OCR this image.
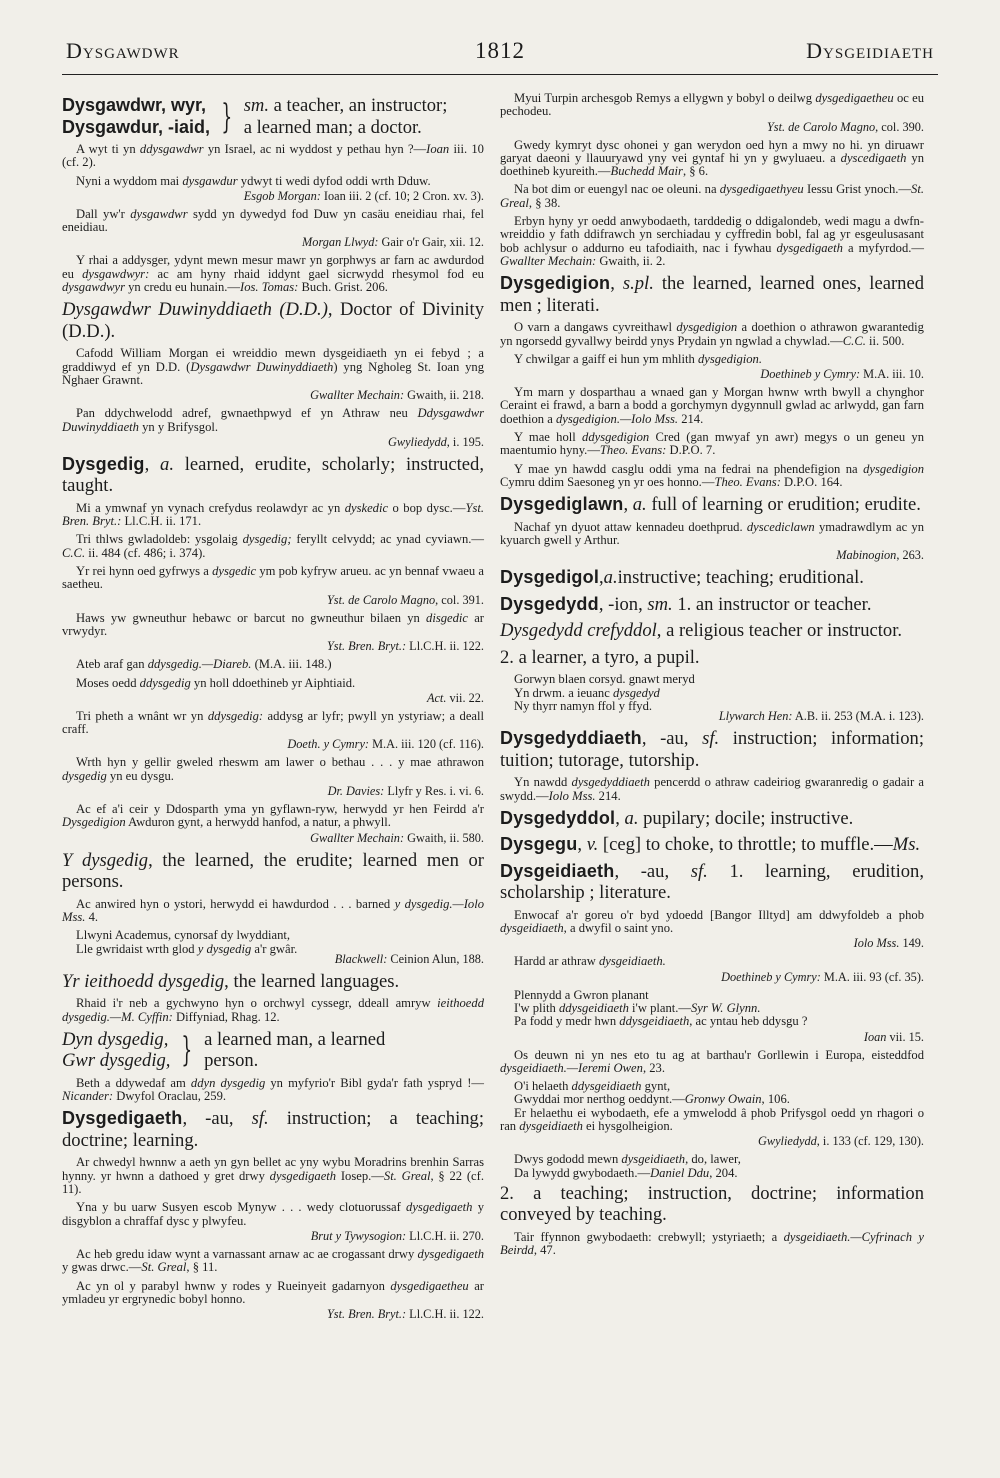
Dysgawdwr	1812	Dysgeidiaeth
Dysgawdwr, wyr,
Dysgawdur, -iaid, } sm. a teacher, an instructor;
a learned man; a doctor.

A wyt ti yn ddysgawdwr yn Israel, ac ni wyddost y pethau hyn ?—Ioan iii. 10 (cf. 2).

Nyni a wyddom mai dysgawdur ydwyt ti wedi dyfod oddi wrth Dduw.

Esgob Morgan: Ioan iii. 2 (cf. 10; 2 Cron. xv. 3).

Dall yw'r dysgawdwr sydd yn dywedyd fod Duw yn casäu eneidiau rhai, fel eneidiau.

Morgan Llwyd: Gair o'r Gair, xii. 12.

Y rhai a addysger, ydynt mewn mesur mawr yn gorphwys ar farn ac awdurdod eu dysgawdwyr: ac am hyny rhaid iddynt gael sicrwydd rhesymol fod eu dysgawdwyr yn credu eu hunain.—Ios. Tomas: Buch. Grist. 206.

Dysgawdwr Duwinyddiaeth (D.D.), Doctor of Divinity (D.D.).

Cafodd William Morgan ei wreiddio mewn dysgeidiaeth yn ei febyd ; a graddiwyd ef yn D.D. (Dysgawdwr Duwinyddiaeth) yng Ngholeg St. Ioan yng Nghaer Grawnt.

Gwallter Mechain: Gwaith, ii. 218.

Pan ddychwelodd adref, gwnaethpwyd ef yn Athraw neu Ddysgawdwr Duwinyddiaeth yn y Brifysgol.

Gwyliedydd, i. 195.
Dysgedig, a. learned, erudite, scholarly; instructed, taught.

Mi a ymwnaf yn vynach crefydus reolawdyr ac yn dyskedic o bop dysc.—Yst. Bren. Bryt.: Ll.C.H. ii. 171.

Tri thlws gwladoldeb: ysgolaig dysgedig; feryllt celvydd; ac ynad cyviawn.—C.C. ii. 484 (cf. 486; i. 374).

Yr rei hynn oed gyfrwys a dysgedic ym pob kyfryw arueu. ac yn bennaf vwaeu a saetheu.

Yst. de Carolo Magno, col. 391.

Haws yw gwneuthur hebawc or barcut no gwneuthur bilaen yn disgedic ar vrwydyr.

Yst. Bren. Bryt.: Ll.C.H. ii. 122.

Ateb araf gan ddysgedig.—Diareb. (M.A. iii. 148.)

Moses oedd ddysgedig yn holl ddoethineb yr Aiphtiaid.

Act. vii. 22.

Tri pheth a wnânt wr yn ddysgedig: addysg ar lyfr; pwyll yn ystyriaw; a deall craff.

Doeth. y Cymry: M.A. iii. 120 (cf. 116).

Wrth hyn y gellir gweled rheswm am lawer o bethau . . . y mae athrawon dysgedig yn eu dysgu.

Dr. Davies: Llyfr y Res. i. vi. 6.

Ac ef a'i ceir y Ddosparth yma yn gyflawn-ryw, herwydd yr hen Feirdd a'r Dysgedigion Awduron gynt, a herwydd hanfod, a natur, a phwyll.

Gwallter Mechain: Gwaith, ii. 580.
Y dysgedig, the learned, the erudite; learned men or persons.

Ac anwired hyn o ystori, herwydd ei hawdurdod . . . barned y dysgedig.—Iolo Mss. 4.

Llwyni Academus, cynorsaf dy lwyddiant,
Lle gwridaist wrth glod y dysgedig a'r gwâr.
Blackwell: Ceinion Alun, 188.
Yr ieithoedd dysgedig, the learned languages.

Rhaid i'r neb a gychwyno hyn o orchwyl cyssegr, ddeall amryw ieithoedd dysgedig.—M. Cyffin: Diffyniad, Rhag. 12.

Dyn dysgedig,
Gwr dysgedig, } a learned man, a learned
person.

Beth a ddywedaf am ddyn dysgedig yn myfyrio'r Bibl gyda'r fath yspryd !—Nicander: Dwyfol Oraclau, 259.

Dysgedigaeth, -au, sf. instruction; a teaching; doctrine; learning.

Ar chwedyl hwnnw a aeth yn gyn bellet ac yny wybu Moradrins brenhin Sarras hynny. yr hwnn a dathoed y gret drwy dysgedigaeth Iosep.—St. Greal, § 22 (cf. 11).

Yna y bu uarw Susyen escob Mynyw . . . wedy clotuorussaf dysgedigaeth y disgyblon a chraffaf dysc y plwyfeu.

Brut y Tywysogion: Ll.C.H. ii. 270.

Ac heb gredu idaw wynt a varnassant arnaw ac ae crogassant drwy dysgedigaeth y gwas drwc.—St. Greal, § 11.

Ac yn ol y parabyl hwnw y rodes y Rueinyeit gadarnyon dysgedigaetheu ar ymladeu yr ergrynedic bobyl honno.

Yst. Bren. Bryt.: Ll.C.H. ii. 122.

Myui Turpin archesgob Remys a ellygwn y bobyl o deilwg dysgedigaetheu oc eu pechodeu.

Yst. de Carolo Magno, col. 390.

Gwedy kymryt dysc ohonei y gan werydon oed hyn a mwy no hi. yn diruawr garyat daeoni y llauuryawd yny vei gyntaf hi yn y gwyluaeu. a dyscedigaeth yn doethineb kyureith.—Buchedd Mair, § 6.

Na bot dim or euengyl nac oe oleuni. na dysgedigaethyeu Iessu Grist ynoch.—St. Greal, § 38.

Erbyn hyny yr oedd anwybodaeth, tarddedig o ddigalondeb, wedi magu a dwfn-wreiddio y fath ddifrawch yn serchiadau y cyffredin bobl, fal ag yr esgeulusasant bob achlysur o addurno eu tafodiaith, nac i fywhau dysgedigaeth a myfyrdod.—Gwallter Mechain: Gwaith, ii. 2.

Dysgedigion, s.pl. the learned, learned ones, learned men ; literati.

O varn a dangaws cyvreithawl dysgedigion a doethion o athrawon gwarantedig yn ngorsedd gyvallwy beirdd ynys Prydain yn ngwlad a chywlad.—C.C. ii. 500.

Y chwilgar a gaiff ei hun ym mhlith dysgedigion.

Doethineb y Cymry: M.A. iii. 10.

Ym marn y dosparthau a wnaed gan y Morgan hwnw wrth bwyll a chynghor Ceraint ei frawd, a barn a bodd a gorchymyn dygynnull gwlad ac arlwydd, gan farn doethion a dysgedigion.—Iolo Mss. 214.

Y mae holl ddysgedigion Cred (gan mwyaf yn awr) megys o un geneu yn maentumio hyny.—Theo. Evans: D.P.O. 7.

Y mae yn hawdd casglu oddi yma na fedrai na phendefigion na dysgedigion Cymru ddim Saesoneg yn yr oes honno.—Theo. Evans: D.P.O. 164.

Dysgediglawn, a. full of learning or erudition; erudite.

Nachaf yn dyuot attaw kennadeu doethprud. dyscediclawn ymadrawdlym ac yn kyuarch gwell y Arthur.

Mabinogion, 263.
Dysgedigol,a.instructive; teaching; eruditional.
Dysgedydd, -ion, sm. 1. an instructor or teacher.
Dysgedydd crefyddol, a religious teacher or instructor.
2. a learner, a tyro, a pupil.
Gorwyn blaen corsyd. gnawt meryd
Yn drwm. a ieuanc dysgedyd
Ny thyrr namyn ffol y ffyd.
Llywarch Hen: A.B. ii. 253 (M.A. i. 123).
Dysgedyddiaeth, -au, sf. instruction; information; tuition; tutorage, tutorship.

Yn nawdd dysgedyddiaeth pencerdd o athraw cadeiriog gwaranredig o gadair a swydd.—Iolo Mss. 214.

Dysgedyddol, a. pupilary; docile; instructive.
Dysgegu, v. [ceg] to choke, to throttle; to muffle.—Ms.
Dysgeidiaeth, -au, sf. 1. learning, erudition, scholarship ; literature.

Enwocaf a'r goreu o'r byd ydoedd [Bangor Illtyd] am ddwyfoldeb a phob dysgeidiaeth, a dwyfil o saint yno.

Iolo Mss. 149.

Hardd ar athraw dysgeidiaeth.

Doethineb y Cymry: M.A. iii. 93 (cf. 35).
Plennydd a Gwron planant
I'w plith ddysgeidiaeth i'w plant.—Syr W. Glynn.

Pa fodd y medr hwn ddysgeidiaeth, ac yntau heb ddysgu ?

Ioan vii. 15.

Os deuwn ni yn nes eto tu ag at barthau'r Gorllewin i Europa, eisteddfod dysgeidiaeth.—Ieremi Owen, 23.

O'i helaeth ddysgeidiaeth gynt,
Gwyddai mor nerthog oeddynt.—Gronwy Owain, 106.

Er helaethu ei wybodaeth, efe a ymwelodd â phob Prifysgol oedd yn rhagori o ran dysgeidiaeth ei hysgolheigion.

Gwyliedydd, i. 133 (cf. 129, 130).
Dwys gododd mewn dysgeidiaeth, do, lawer,
Da lywydd gwybodaeth.—Daniel Ddu, 204.
2. a teaching; instruction, doctrine; information conveyed by teaching.

Tair ffynnon gwybodaeth: crebwyll; ystyriaeth; a dysgeidiaeth.—Cyfrinach y Beirdd, 47.
